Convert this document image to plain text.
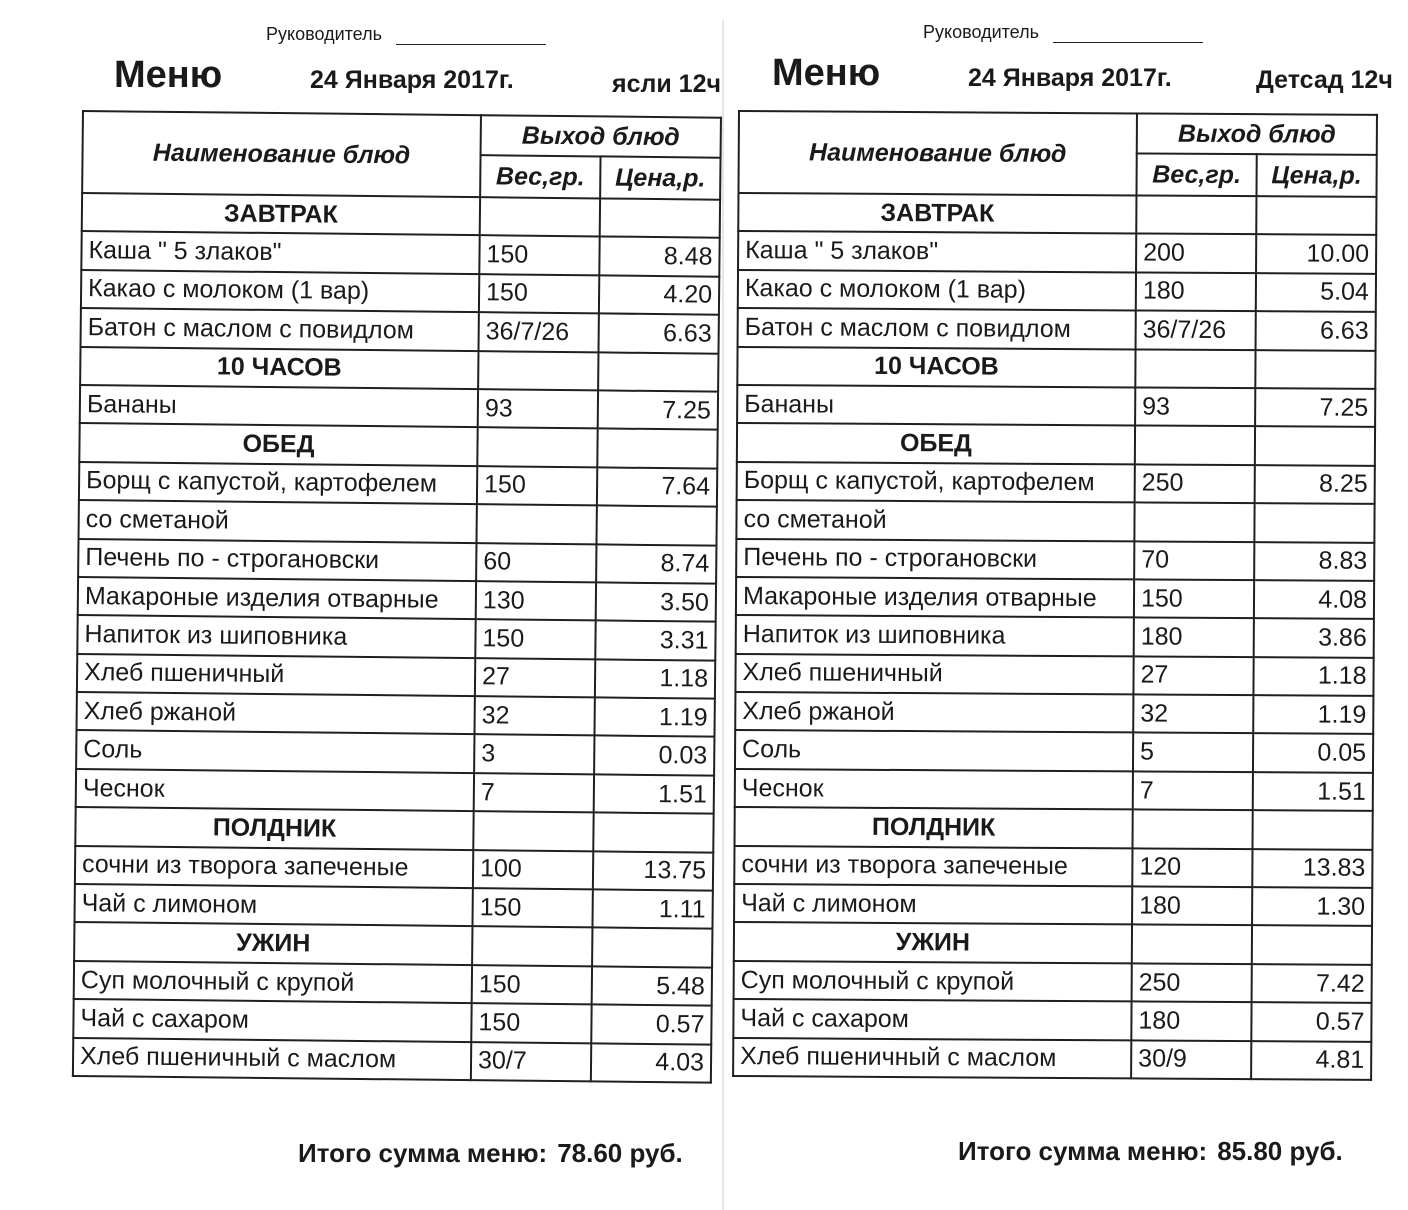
Руководитель
Меню	24 Января 2017г.	ясли 12ч
Наименование блюд	Выход блюд	
	Вес,гр.	Цена,р.
ЗАВТРАК		
Каша " 5 злаков"	150	8.48
Какао с молоком (1 вар)	150	4.20
Батон с маслом с повидлом	36/7/26	6.63
10 ЧАСОВ		
Бананы	93	7.25
ОБЕД		
Борщ с капустой, картофелем	150	7.64
со сметаной		
Печень по - строгановски	60	8.74
Макароные изделия отварные	130	3.50
Напиток из шиповника	150	3.31
Хлеб пшеничный	27	1.18
Хлеб ржаной	32	1.19
Соль	3	0.03
Чеснок	7	1.51
ПОЛДНИК		
сочни из творога запеченые	100	13.75
Чай с лимоном	150	1.11
УЖИН		
Суп молочный с крупой	150	5.48
Чай с сахаром	150	0.57
Хлеб пшеничный с маслом	30/7	4.03
Итого сумма меню: 78.60 руб.
Руководитель
Меню	24 Января 2017г.	Детсад 12ч
Наименование блюд	Выход блюд	
	Вес,гр.	Цена,р.
ЗАВТРАК		
Каша " 5 злаков"	200	10.00
Какао с молоком (1 вар)	180	5.04
Батон с маслом с повидлом	36/7/26	6.63
10 ЧАСОВ		
Бананы	93	7.25
ОБЕД		
Борщ с капустой, картофелем	250	8.25
со сметаной		
Печень по - строгановски	70	8.83
Макароные изделия отварные	150	4.08
Напиток из шиповника	180	3.86
Хлеб пшеничный	27	1.18
Хлеб ржаной	32	1.19
Соль	5	0.05
Чеснок	7	1.51
ПОЛДНИК		
сочни из творога запеченые	120	13.83
Чай с лимоном	180	1.30
УЖИН		
Суп молочный с крупой	250	7.42
Чай с сахаром	180	0.57
Хлеб пшеничный с маслом	30/9	4.81
Итого сумма меню: 85.80 руб.
